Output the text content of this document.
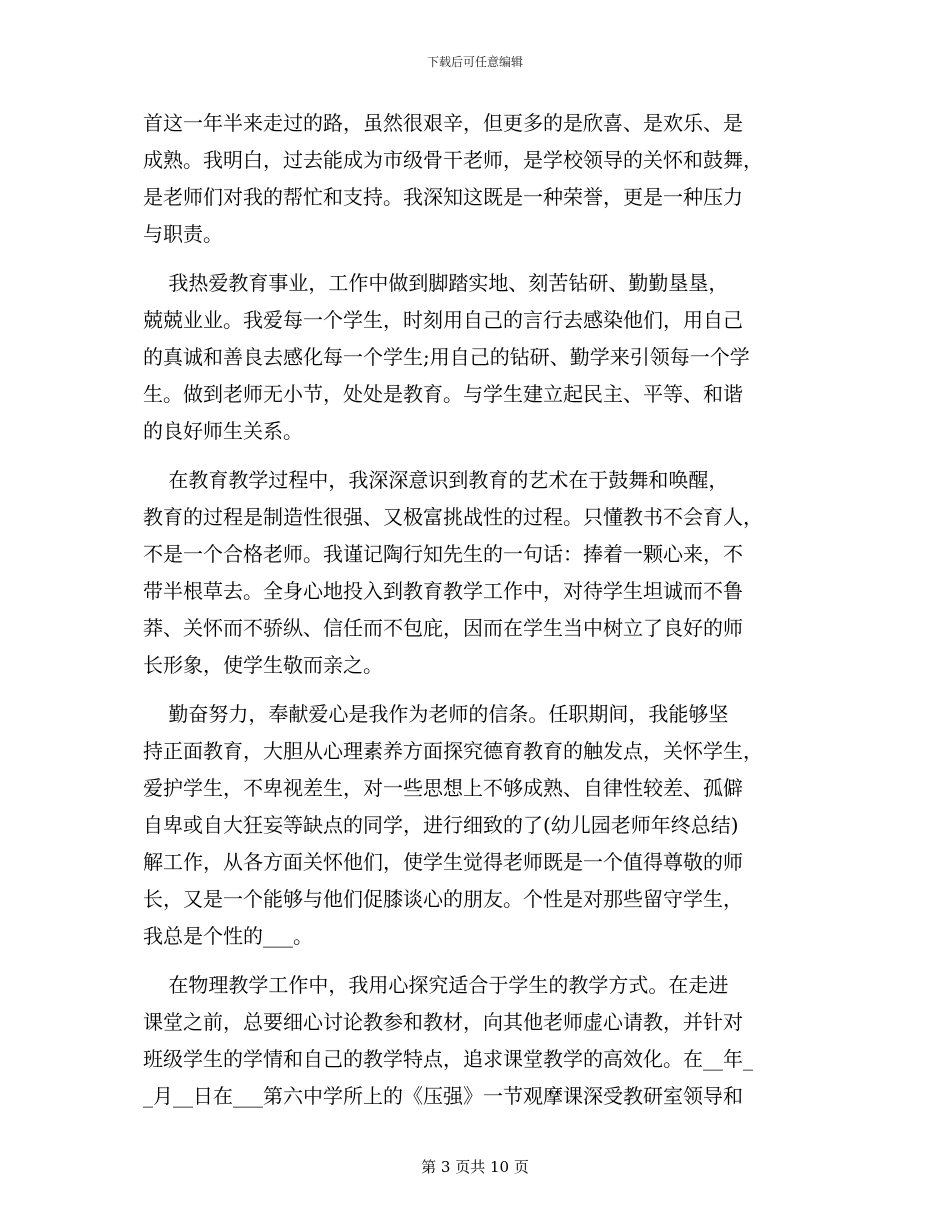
下载后可任意编辑
首这一年半来走过的路，虽然很艰辛，但更多的是欣喜、是欢乐、是
成熟。我明白，过去能成为市级骨干老师，是学校领导的关怀和鼓舞，
是老师们对我的帮忙和支持。我深知这既是一种荣誉，更是一种压力
与职责。
我热爱教育事业，工作中做到脚踏实地、刻苦钻研、勤勤垦垦，
兢兢业业。我爱每一个学生，时刻用自己的言行去感染他们，用自己
的真诚和善良去感化每一个学生;用自己的钻研、勤学来引领每一个学
生。做到老师无小节，处处是教育。与学生建立起民主、平等、和谐
的良好师生关系。
在教育教学过程中，我深深意识到教育的艺术在于鼓舞和唤醒，
教育的过程是制造性很强、又极富挑战性的过程。只懂教书不会育人，
不是一个合格老师。我谨记陶行知先生的一句话：捧着一颗心来，不
带半根草去。全身心地投入到教育教学工作中，对待学生坦诚而不鲁
莽、关怀而不骄纵、信任而不包庇，因而在学生当中树立了良好的师
长形象，使学生敬而亲之。
勤奋努力，奉献爱心是我作为老师的信条。任职期间，我能够坚
持正面教育，大胆从心理素养方面探究德育教育的触发点，关怀学生，
爱护学生，不卑视差生，对一些思想上不够成熟、自律性较差、孤僻
自卑或自大狂妄等缺点的同学，进行细致的了(幼儿园老师年终总结)
解工作，从各方面关怀他们，使学生觉得老师既是一个值得尊敬的师
长，又是一个能够与他们促膝谈心的朋友。个性是对那些留守学生，
我总是个性的___。
在物理教学工作中，我用心探究适合于学生的教学方式。在走进
课堂之前，总要细心讨论教参和教材，向其他老师虚心请教，并针对
班级学生的学情和自己的教学特点，追求课堂教学的高效化。在__年_
_月__日在___第六中学所上的《压强》一节观摩课深受教研室领导和
第 3 页共 10 页
